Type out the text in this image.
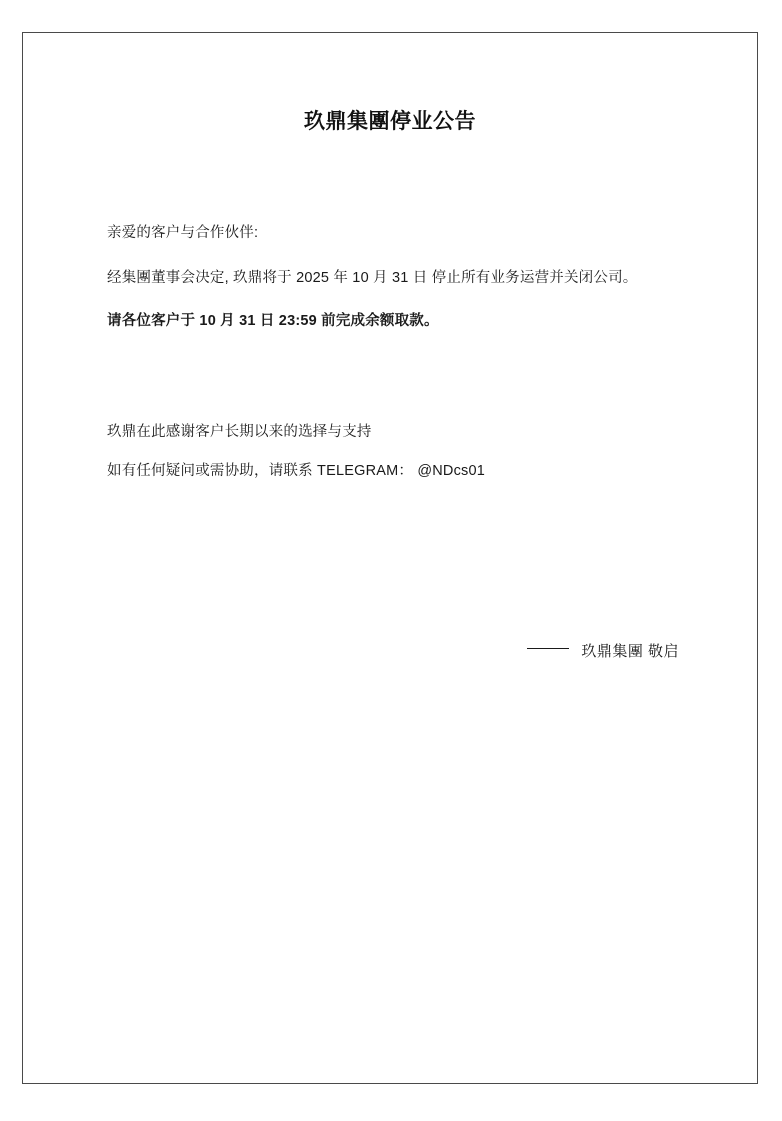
玖鼎集團停业公告
亲爱的客户与合作伙伴:
经集團董事会决定, 玖鼎将于 2025 年 10 月 31 日 停止所有业务运营并关闭公司。
请各位客户于 10 月 31 日 23:59 前完成余额取款。
玖鼎在此感谢客户长期以来的选择与支持
如有任何疑问或需协助，请联系 TELEGRAM： @NDcs01
玖鼎集團 敬启
